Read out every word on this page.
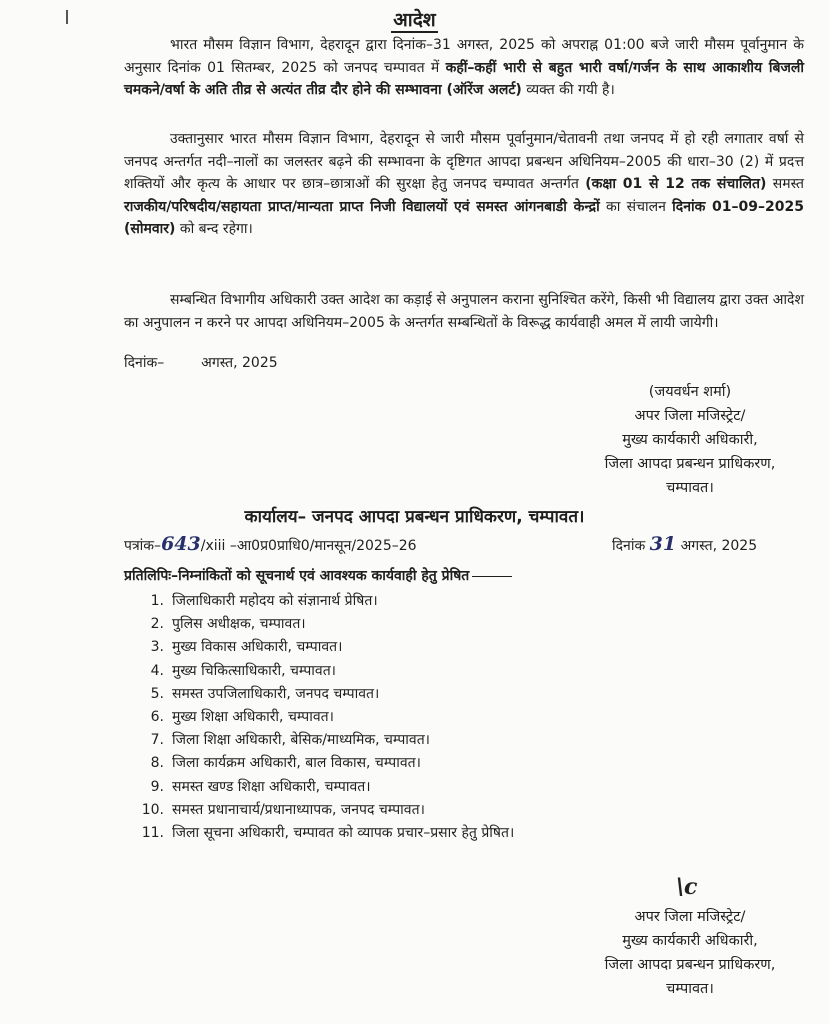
आदेश
भारत मौसम विज्ञान विभाग, देहरादून द्वारा दिनांक–31 अगस्त, 2025 को अपराह्न 01:00 बजे जारी मौसम पूर्वानुमान के अनुसार दिनांक 01 सितम्बर, 2025 को जनपद चम्पावत में कहीं–कहीं भारी से बहुत भारी वर्षा/गर्जन के साथ आकाशीय बिजली चमकने/वर्षा के अति तीव्र से अत्यंत तीव्र दौर होने की सम्भावना (ऑरेंज अलर्ट) व्यक्त की गयी है।
उक्तानुसार भारत मौसम विज्ञान विभाग, देहरादून से जारी मौसम पूर्वानुमान/चेतावनी तथा जनपद में हो रही लगातार वर्षा से जनपद अन्तर्गत नदी–नालों का जलस्तर बढ़ने की सम्भावना के दृष्टिगत आपदा प्रबन्धन अधिनियम–2005 की धारा–30 (2) में प्रदत्त शक्तियों और कृत्य के आधार पर छात्र–छात्राओं की सुरक्षा हेतु जनपद चम्पावत अन्तर्गत (कक्षा 01 से 12 तक संचालित) समस्त राजकीय/परिषदीय/सहायता प्राप्त/मान्यता प्राप्त निजी विद्यालयों एवं समस्त आंगनबाडी केन्द्रों का संचालन दिनांक 01–09–2025 (सोमवार) को बन्द रहेगा।
सम्बन्धित विभागीय अधिकारी उक्त आदेश का कड़ाई से अनुपालन कराना सुनिश्चित करेंगे, किसी भी विद्यालय द्वारा उक्त आदेश का अनुपालन न करने पर आपदा अधिनियम–2005 के अन्तर्गत सम्बन्धितों के विरूद्ध कार्यवाही अमल में लायी जायेगी।
दिनांक–	अगस्त, 2025
(जयवर्धन शर्मा)
अपर जिला मजिस्ट्रेट/
मुख्य कार्यकारी अधिकारी,
जिला आपदा प्रबन्धन प्राधिकरण,
चम्पावत।
कार्यालय– जनपद आपदा प्रबन्धन प्राधिकरण, चम्पावत।
पत्रांक–643/xiii –आ0प्र0प्राधि0/मानसून/2025–26	दिनांक 31 अगस्त, 2025
प्रतिलिपिः–निम्नांकितों को सूचनार्थ एवं आवश्यक कार्यवाही हेतु प्रेषित
1. जिलाधिकारी महोदय को संज्ञानार्थ प्रेषित।
2. पुलिस अधीक्षक, चम्पावत।
3. मुख्य विकास अधिकारी, चम्पावत।
4. मुख्य चिकित्साधिकारी, चम्पावत।
5. समस्त उपजिलाधिकारी, जनपद चम्पावत।
6. मुख्य शिक्षा अधिकारी, चम्पावत।
7. जिला शिक्षा अधिकारी, बेसिक/माध्यमिक, चम्पावत।
8. जिला कार्यक्रम अधिकारी, बाल विकास, चम्पावत।
9. समस्त खण्ड शिक्षा अधिकारी, चम्पावत।
10. समस्त प्रधानाचार्य/प्रधानाध्यापक, जनपद चम्पावत।
11. जिला सूचना अधिकारी, चम्पावत को व्यापक प्रचार–प्रसार हेतु प्रेषित।
\c
अपर जिला मजिस्ट्रेट/
मुख्य कार्यकारी अधिकारी,
जिला आपदा प्रबन्धन प्राधिकरण,
चम्पावत।
